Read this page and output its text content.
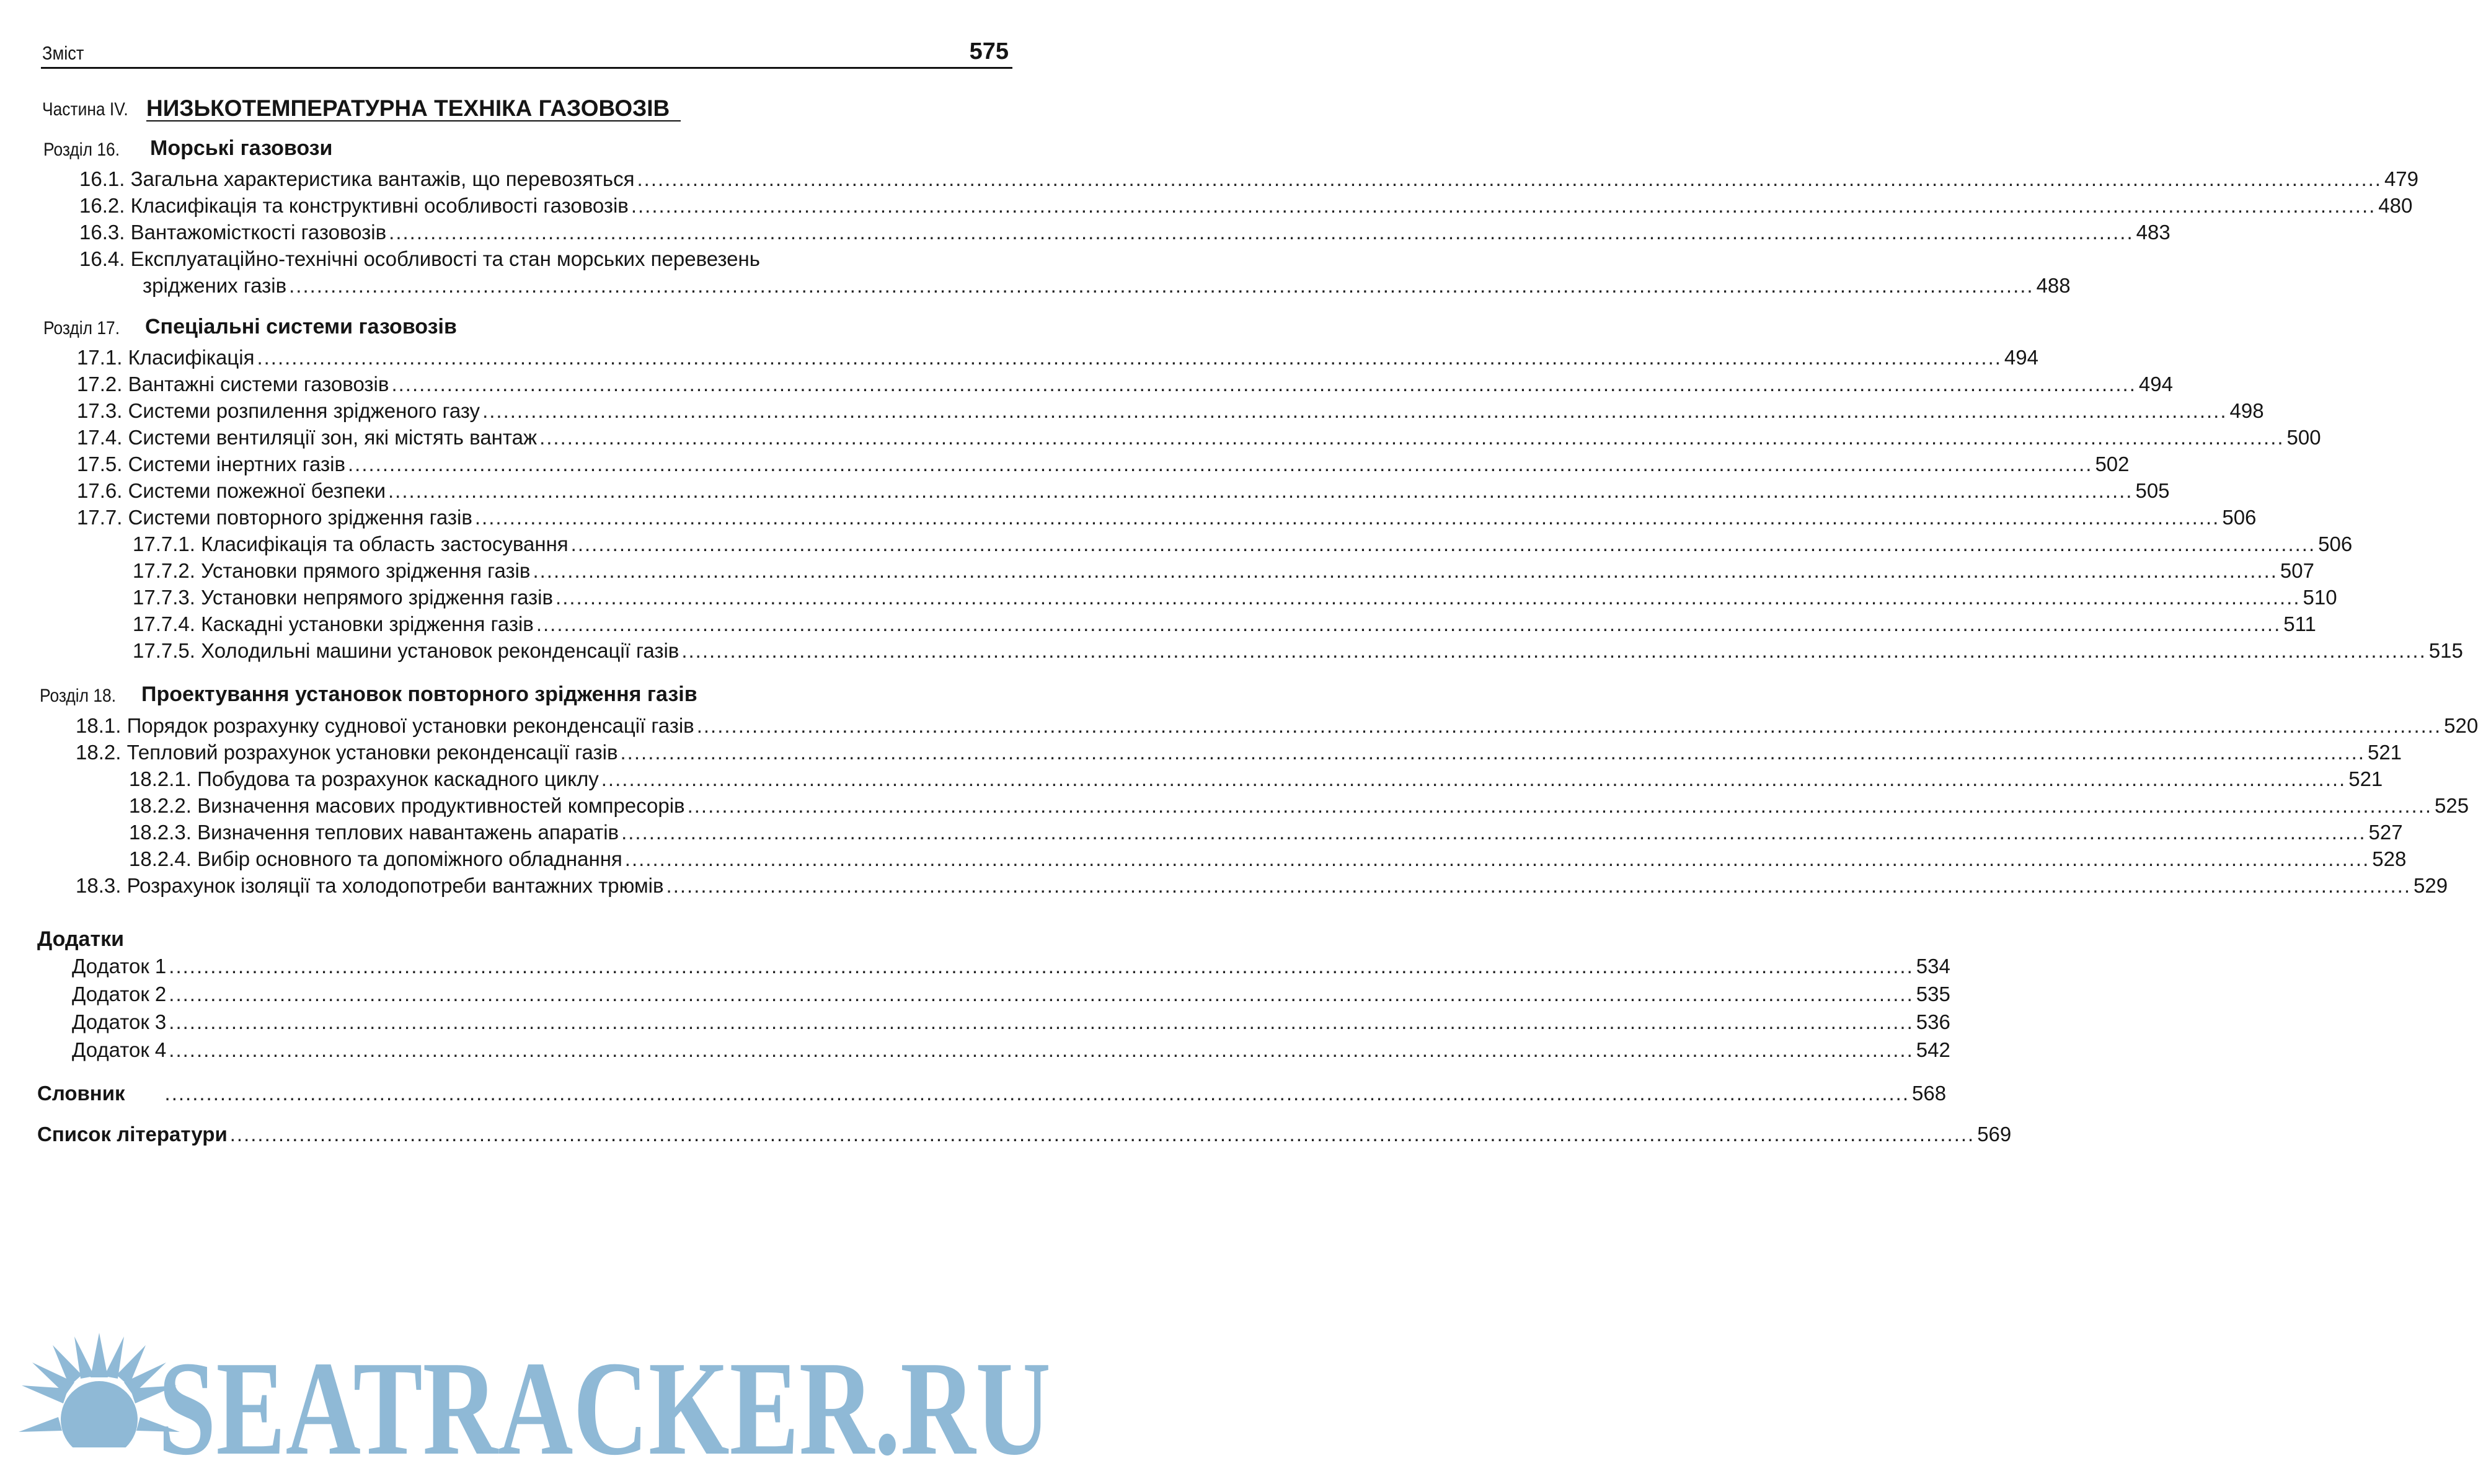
Зміст	575
Частина IV. НИЗЬКОТЕМПЕРАТУРНА ТЕХНІКА ГАЗОВОЗІВ
Розділ 16. Морські газовози
16.1. Загальна характеристика вантажів, що перевозяться .....	479
16.2. Класифікація та конструктивні особливості газовозів .....	480
16.3. Вантажомісткості газовозів .....	483
16.4. Експлуатаційно-технічні особливості та стан морських перевезень
зріджених газів .....	488
Розділ 17. Спеціальні системи газовозів
17.1. Класифікація .....	494
17.2. Вантажні системи газовозів .....	494
17.3. Системи розпилення зрідженого газу .....	498
17.4. Системи вентиляції зон, які містять вантаж .....	500
17.5. Системи інертних газів .....	502
17.6. Системи пожежної безпеки .....	505
17.7. Системи повторного зрідження газів .....	506
17.7.1. Класифікація та область застосування .....	506
17.7.2. Установки прямого зрідження газів .....	507
17.7.3. Установки непрямого зрідження газів .....	510
17.7.4. Каскадні установки зрідження газів .....	511
17.7.5. Холодильні машини установок реконденсації газів .....	515
Розділ 18. Проектування установок повторного зрідження газів
18.1. Порядок розрахунку суднової установки реконденсації газів .....	520
18.2. Тепловий розрахунок установки реконденсації газів .....	521
18.2.1. Побудова та розрахунок каскадного циклу .....	521
18.2.2. Визначення масових продуктивностей компресорів .....	525
18.2.3. Визначення теплових навантажень апаратів .....	527
18.2.4. Вибір основного та допоміжного обладнання .....	528
18.3. Розрахунок ізоляції та холодопотреби вантажних трюмів .....	529
Додатки
Додаток 1 .....	534
Додаток 2 .....	535
Додаток 3 .....	536
Додаток 4 .....	542
Словник .....	568
Список літератури .....	569
SEATRACKER.RU
